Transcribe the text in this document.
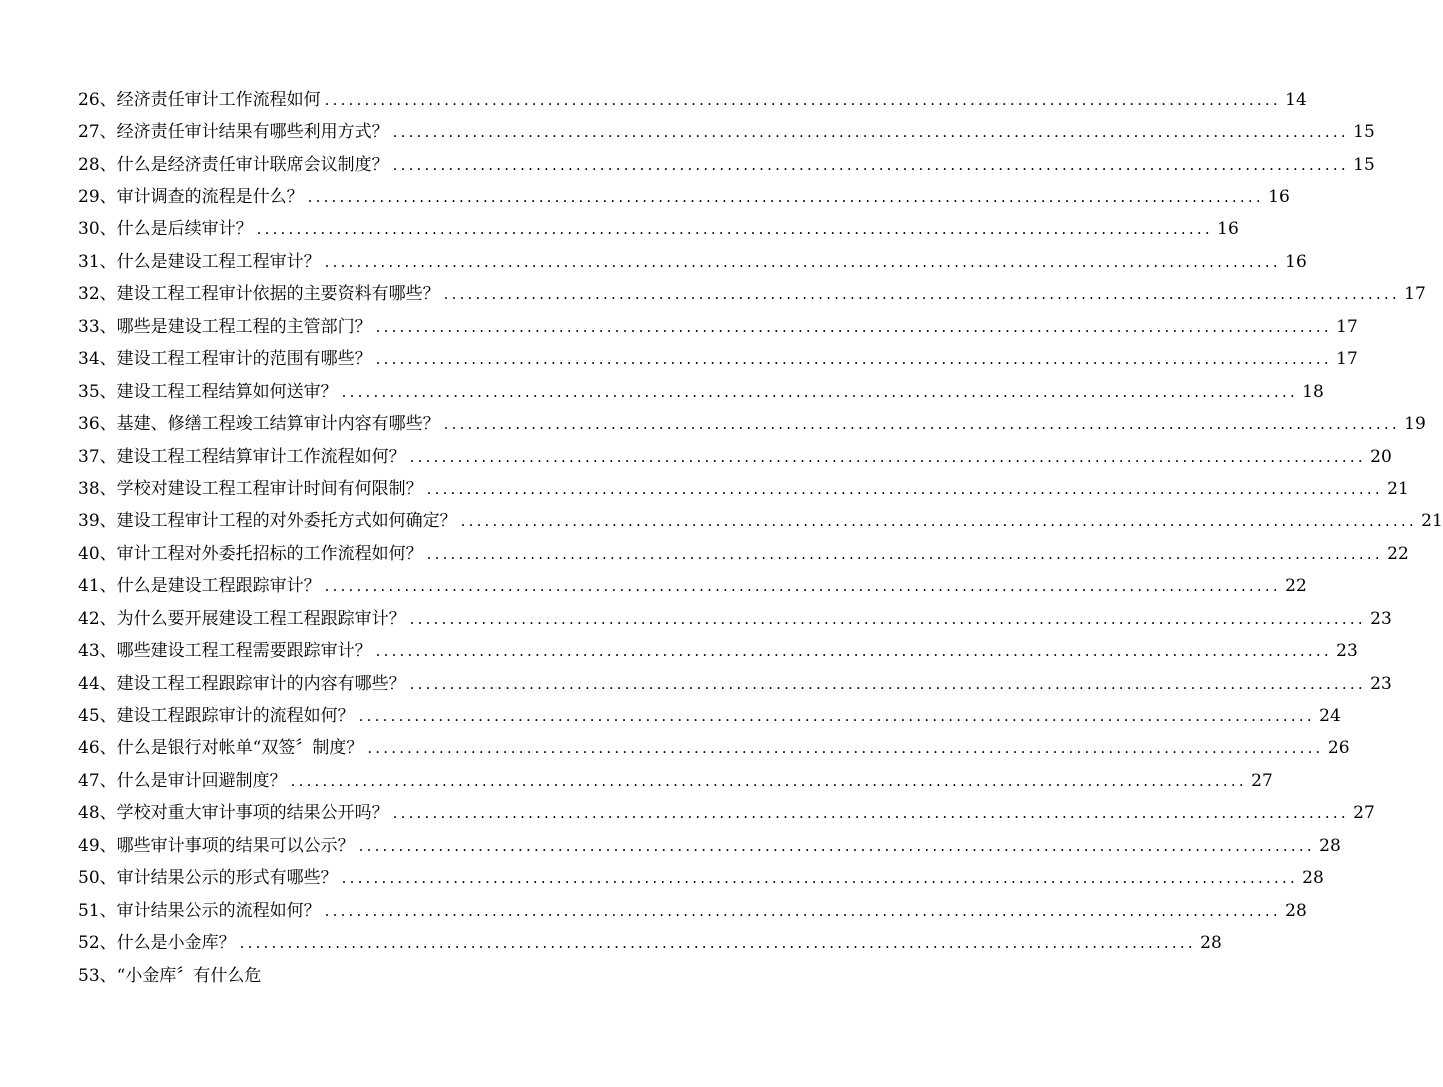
26 、经济责任审计工作流程如何 ........................................................................................................................ 14
27 、经济责任审计结果有哪些利用方式？ ........................................................................................................................ 15
28 、什么是经济责任审计联席会议制度？ ........................................................................................................................ 15
29 、审计调查的流程是什么？ ........................................................................................................................ 16
30 、什么是后续审计？ ........................................................................................................................ 16
31 、什么是建设工程工程审计？ ........................................................................................................................ 16
32 、建设工程工程审计依据的主要资料有哪些？ ........................................................................................................................ 17
33 、哪些是建设工程工程的主管部门？ ........................................................................................................................ 17
34 、建设工程工程审计的范围有哪些？ ........................................................................................................................ 17
35 、建设工程工程结算如何送审？ ........................................................................................................................ 18
36 、基建、修缮工程竣工结算审计内容有哪些？ ........................................................................................................................ 19
37 、建设工程工程结算审计工作流程如何？ ........................................................................................................................ 20
38 、学校对建设工程工程审计时间有何限制？ ........................................................................................................................ 21
39 、建设工程审计工程的对外委托方式如何确定？ ........................................................................................................................ 21
40 、审计工程对外委托招标的工作流程如何？ ........................................................................................................................ 22
41 、什么是建设工程跟踪审计？ ........................................................................................................................ 22
42 、为什么要开展建设工程工程跟踪审计？ ........................................................................................................................ 23
43 、哪些建设工程工程需要跟踪审计？ ........................................................................................................................ 23
44 、建设工程工程跟踪审计的内容有哪些？ ........................................................................................................................ 23
45 、建设工程跟踪审计的流程如何？ ........................................................................................................................ 24
46 、什么是银行对帐单“双签〞制度？ ........................................................................................................................ 26
47 、什么是审计回避制度？ ........................................................................................................................ 27
48 、学校对重大审计事项的结果公开吗？ ........................................................................................................................ 27
49 、哪些审计事项的结果可以公示？ ........................................................................................................................ 28
50 、审计结果公示的形式有哪些？ ........................................................................................................................ 28
51 、审计结果公示的流程如何？ ........................................................................................................................ 28
52 、什么是小金库？ ........................................................................................................................ 28
53 、“小金库〞有什么危
